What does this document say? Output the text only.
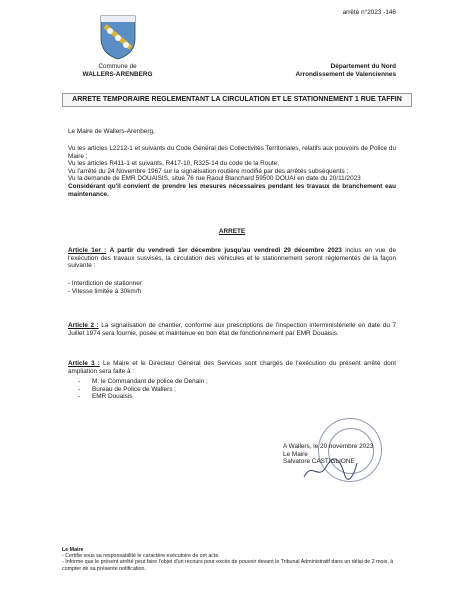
arrêté n°2023 -146
Commune de
WALLERS-ARENBERG
Département du Nord
Arrondissement de Valenciennes
ARRETE TEMPORAIRE REGLEMENTANT LA CIRCULATION ET LE STATIONNEMENT 1 RUE TAFFIN
Le Maire de Wallers-Arenberg,
Vu les articles L2212-1 et suivants du Code Général des Collectivités Territoriales, relatifs aux pouvoirs de Police du Maire ;
Vu les articles R411-1 et suivants, R417-10, R325-14 du code de la Route,
Vu l'arrêté du 24 Novembre 1967 sur la signalisation routière modifié par des arrêtés subséquents ;
Vu la demande de EMR DOUAISIS, situé 76 rue Raoul Blanchard 59500 DOUAI en date du 20/11/2023
Considérant qu'il convient de prendre les mesures nécessaires pendant les travaux de branchement eau maintenance.
ARRETE
Article 1er : A partir du vendredi 1er décembre jusqu'au vendredi 29 décembre 2023 inclus en vue de l'exécution des travaux susvisés, la circulation des véhicules et le stationnement seront réglementés de la façon suivante :
- Interdiction de stationner
- Vitesse limitée à 30km/h
Article 2 : La signalisation de chantier, conforme aux prescriptions de l'inspection interministérielle en date du 7 Juillet 1974 sera fournie, posée et maintenue en bon état de fonctionnement par EMR Douaisis.
Article 3 : Le Maire et le Directeur Général des Services sont chargés de l'exécution du présent arrêté dont ampliation sera faite à :
- M. le Commandant de police de Denain ;
- Bureau de Police de Wallers ;
- EMR Douaisis
A Wallers, le 20 novembre 2023
Le Maire
Salvatore CASTIGLIONE
Le Maire
- Certifie sous sa responsabilité le caractère exécutoire de cet acte.
- Informe que le présent arrêté peut faire l'objet d'un recours pour excès de pouvoir devant le Tribunal Administratif dans un délai de 2 mois, à compter de sa présente notification.
